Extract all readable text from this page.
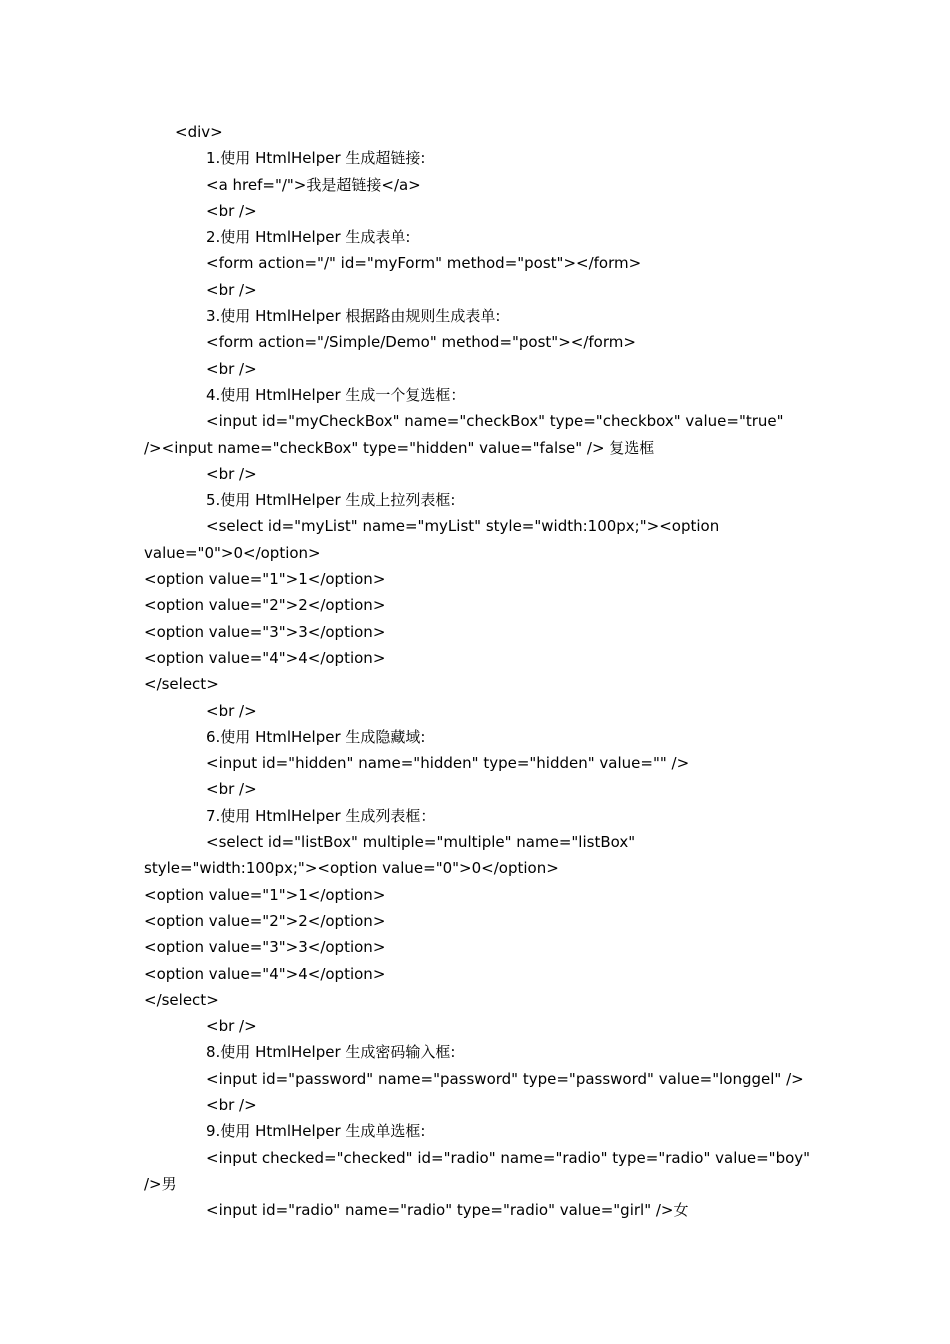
<div>
1.使用 HtmlHelper 生成超链接:
<a href="/">我是超链接</a>
<br />
2.使用 HtmlHelper 生成表单:
<form action="/" id="myForm" method="post"></form>
<br />
3.使用 HtmlHelper 根据路由规则生成表单:
<form action="/Simple/Demo" method="post"></form>
<br />
4.使用 HtmlHelper 生成一个复选框：
<input id="myCheckBox" name="checkBox" type="checkbox" value="true"
/><input name="checkBox" type="hidden" value="false" /> 复选框
<br />
5.使用 HtmlHelper 生成上拉列表框:
<select id="myList" name="myList" style="width:100px;"><option
value="0">0</option>
<option value="1">1</option>
<option value="2">2</option>
<option value="3">3</option>
<option value="4">4</option>
</select>
<br />
6.使用 HtmlHelper 生成隐藏域:
<input id="hidden" name="hidden" type="hidden" value="" />
<br />
7.使用 HtmlHelper 生成列表框：
<select id="listBox" multiple="multiple" name="listBox"
style="width:100px;"><option value="0">0</option>
<option value="1">1</option>
<option value="2">2</option>
<option value="3">3</option>
<option value="4">4</option>
</select>
<br />
8.使用 HtmlHelper 生成密码输入框:
<input id="password" name="password" type="password" value="longgel" />
<br />
9.使用 HtmlHelper 生成单选框:
<input checked="checked" id="radio" name="radio" type="radio" value="boy"
/>男
<input id="radio" name="radio" type="radio" value="girl" />女
